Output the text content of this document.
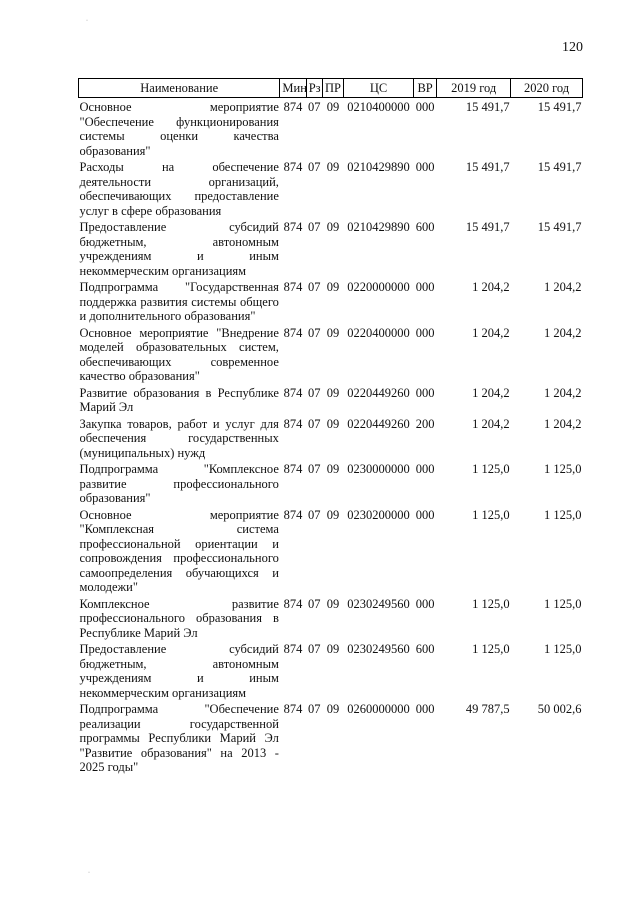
120
·
·
Наименование	Мин	Рз	ПР	ЦС	ВР	2019 год	2020 год
Основное мероприятие "Обеспечение функционирования системы оценки качества образования"	874	07	09	0210400000	000	15 491,7	15 491,7
Расходы на обеспечение деятельности организаций, обеспечивающих предоставление услуг в сфере образования	874	07	09	0210429890	000	15 491,7	15 491,7
Предоставление субсидий бюджетным, автономным учреждениям и иным некоммерческим организациям	874	07	09	0210429890	600	15 491,7	15 491,7
Подпрограмма "Государственная поддержка развития системы общего и дополнительного образования"	874	07	09	0220000000	000	1 204,2	1 204,2
Основное мероприятие "Внедрение моделей образовательных систем, обеспечивающих современное качество образования"	874	07	09	0220400000	000	1 204,2	1 204,2
Развитие образования в Республике Марий Эл	874	07	09	0220449260	000	1 204,2	1 204,2
Закупка товаров, работ и услуг для обеспечения государственных (муниципальных) нужд	874	07	09	0220449260	200	1 204,2	1 204,2
Подпрограмма "Комплексное развитие профессионального образования"	874	07	09	0230000000	000	1 125,0	1 125,0
Основное мероприятие "Комплексная система профессиональной ориентации и сопровождения профессионального самоопределения обучающихся и молодежи"	874	07	09	0230200000	000	1 125,0	1 125,0
Комплексное развитие профессионального образования в Республике Марий Эл	874	07	09	0230249560	000	1 125,0	1 125,0
Предоставление субсидий бюджетным, автономным учреждениям и иным некоммерческим организациям	874	07	09	0230249560	600	1 125,0	1 125,0
Подпрограмма "Обеспечение реализации государственной программы Республики Марий Эл "Развитие образования" на 2013 - 2025 годы"	874	07	09	0260000000	000	49 787,5	50 002,6
